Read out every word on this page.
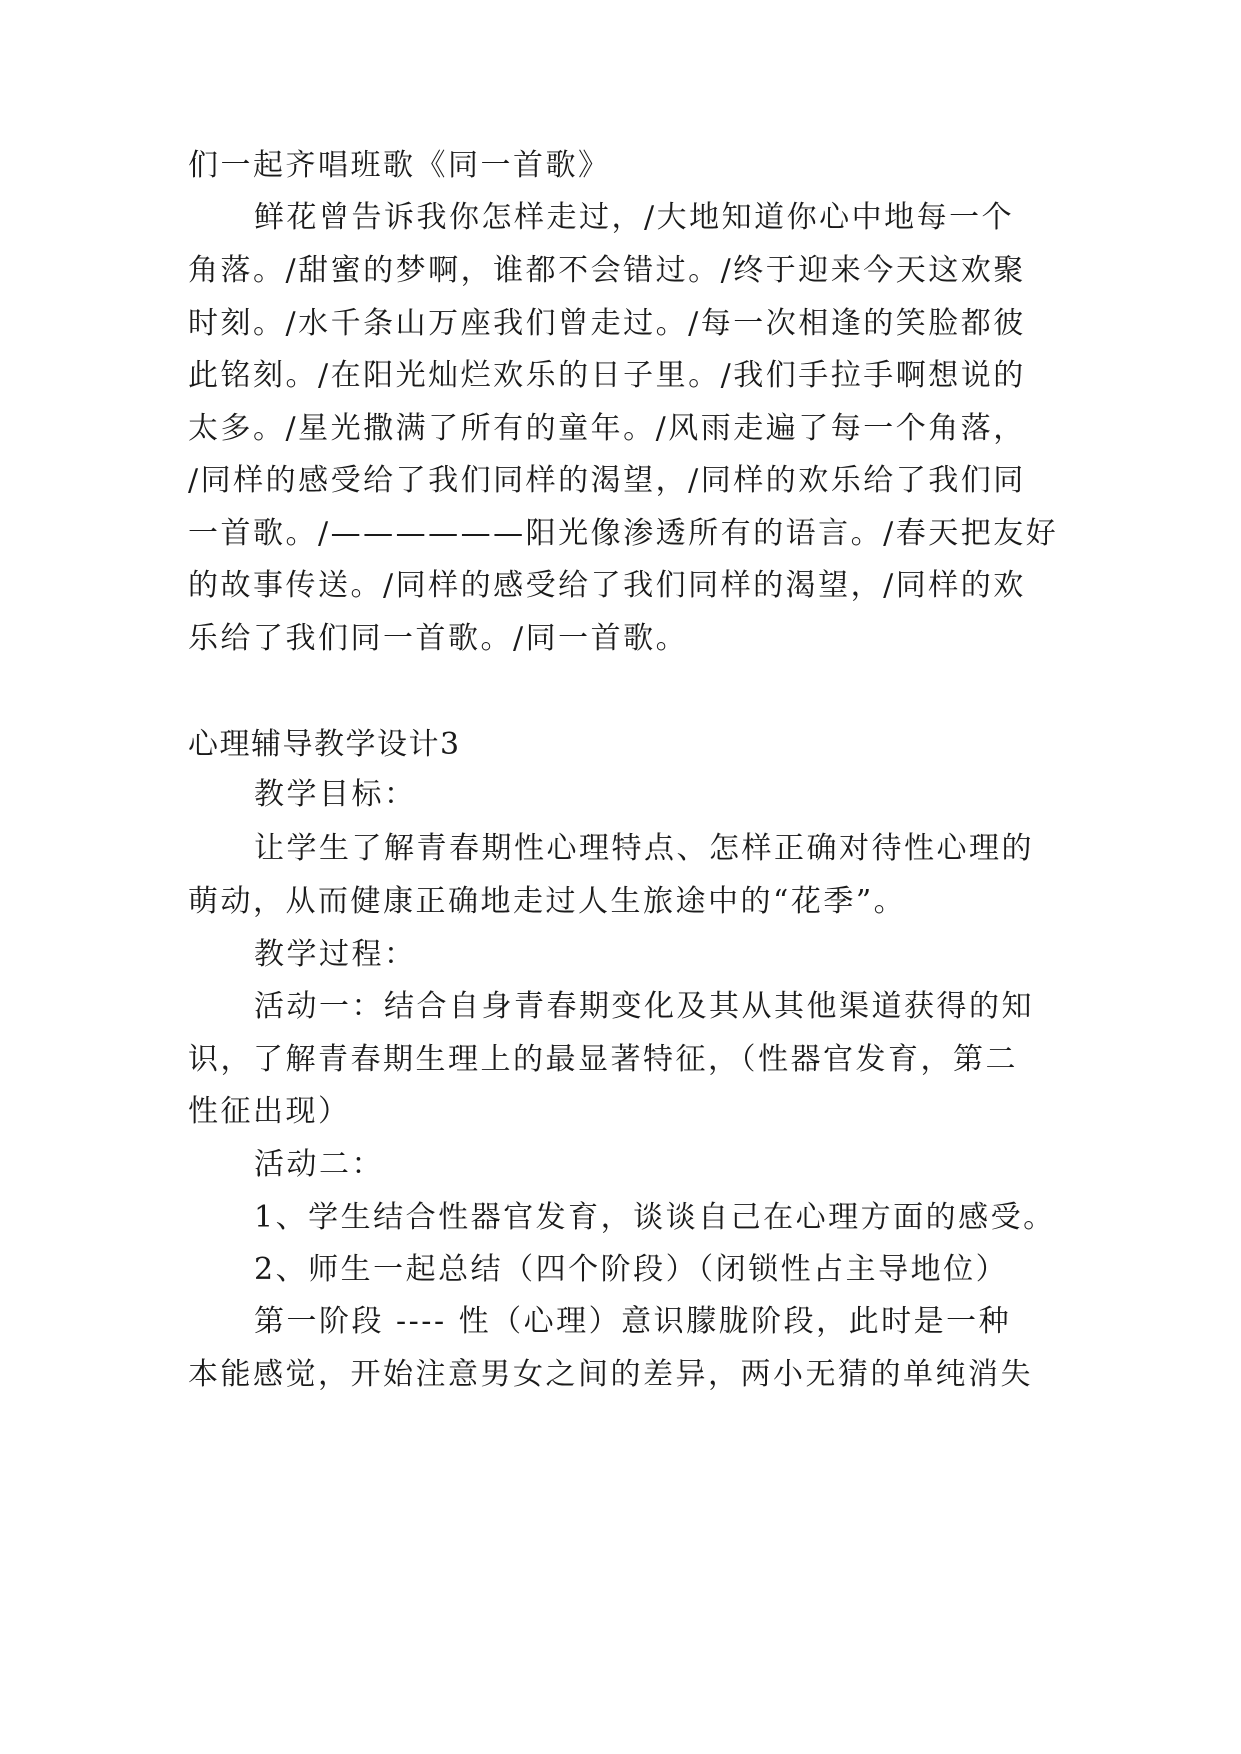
们一起齐唱班歌《同一首歌》

鲜花曾告诉我你怎样走过，/大地知道你心中地每一个

角落。/甜蜜的梦啊，谁都不会错过。/终于迎来今天这欢聚

时刻。/水千条山万座我们曾走过。/每一次相逢的笑脸都彼

此铭刻。/在阳光灿烂欢乐的日子里。/我们手拉手啊想说的

太多。/星光撒满了所有的童年。/风雨走遍了每一个角落，

/同样的感受给了我们同样的渴望，/同样的欢乐给了我们同

一首歌。/——————阳光像渗透所有的语言。/春天把友好

的故事传送。/同样的感受给了我们同样的渴望，/同样的欢

乐给了我们同一首歌。/同一首歌。

心理辅导教学设计3

教学目标：

让学生了解青春期性心理特点、怎样正确对待性心理的

萌动，从而健康正确地走过人生旅途中的“花季”。

教学过程：

活动一：结合自身青春期变化及其从其他渠道获得的知

识，了解青春期生理上的最显著特征，（性器官发育，第二

性征出现）

活动二：

1、学生结合性器官发育，谈谈自己在心理方面的感受。

2、师生一起总结（四个阶段）（闭锁性占主导地位）

第一阶段 ---- 性（心理）意识朦胧阶段，此时是一种

本能感觉，开始注意男女之间的差异，两小无猜的单纯消失
